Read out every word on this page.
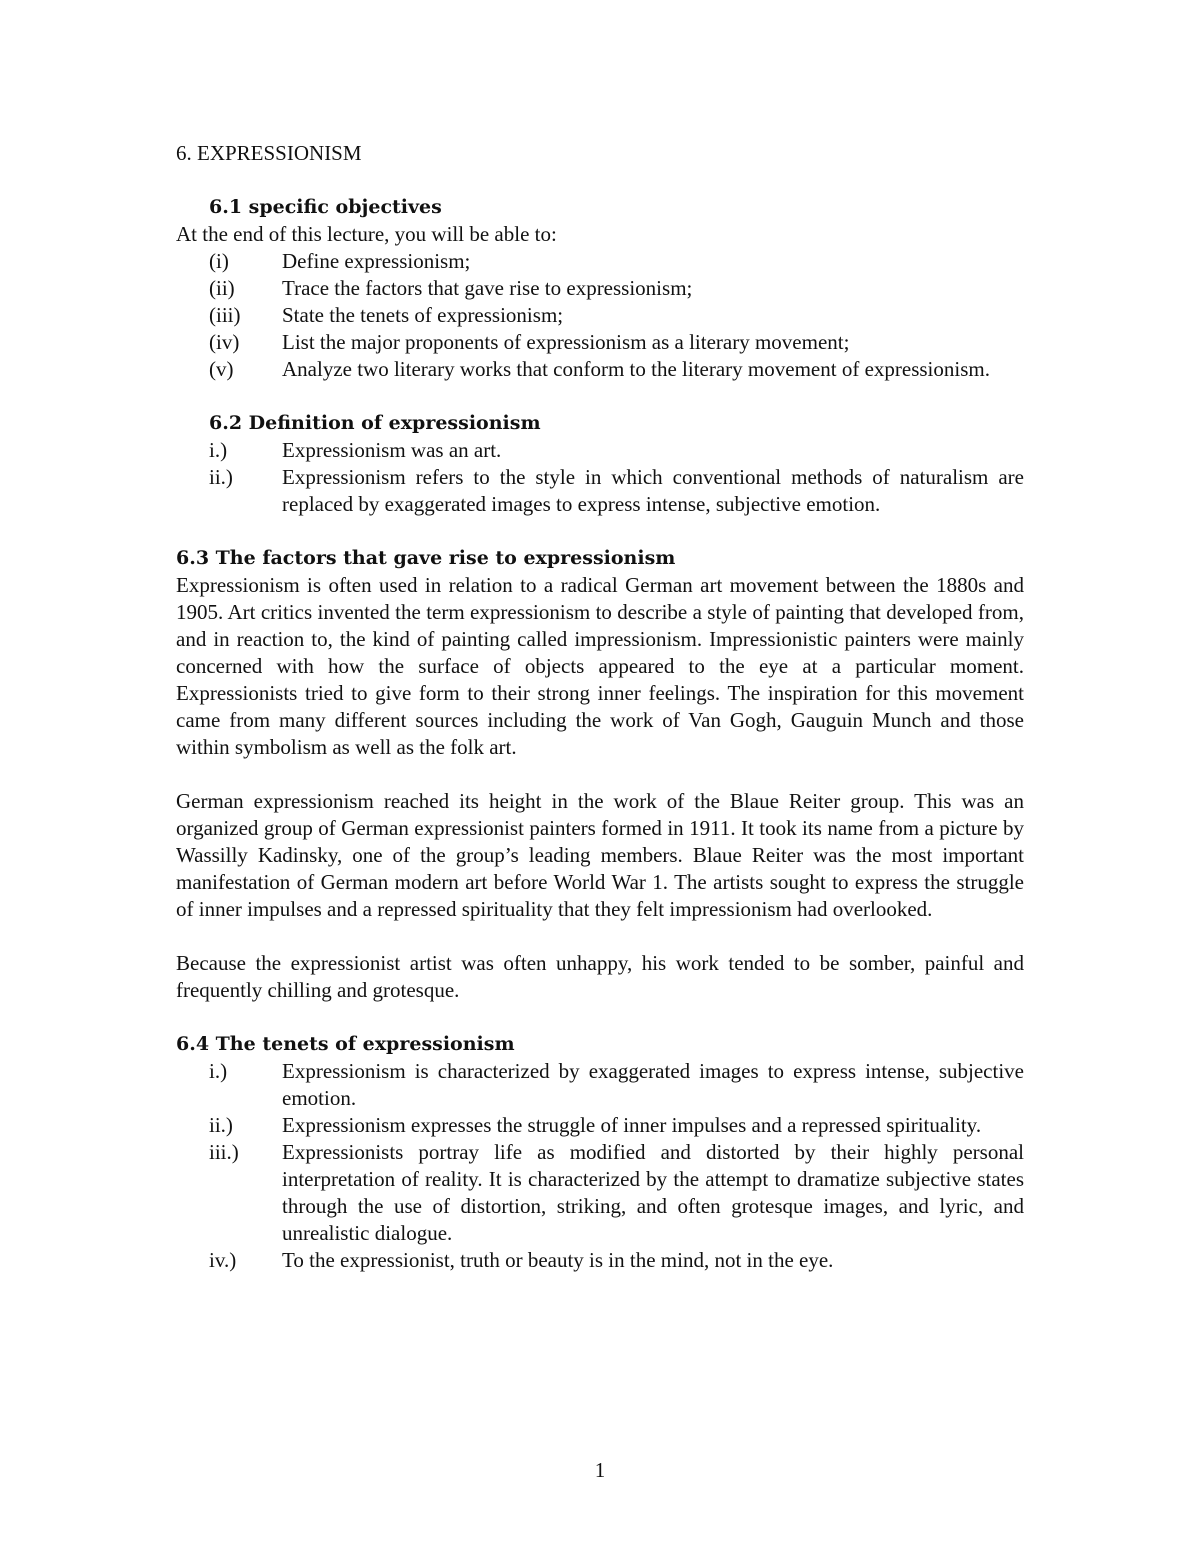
6. EXPRESSIONISM
6.1 specific objectives

At the end of this lecture, you will be able to:

(i)	Define expressionism;
(ii)	Trace the factors that gave rise to expressionism;
(iii)	State the tenets of expressionism;
(iv)	List the major proponents of expressionism as a literary movement;
(v)	Analyze two literary works that conform to the literary movement of expressionism.
6.2 Definition of expressionism
i.)	Expressionism was an art.
ii.)	Expressionism refers to the style in which conventional methods of naturalism are replaced by exaggerated images to express intense, subjective emotion.
6.3 The factors that gave rise to expressionism

Expressionism is often used in relation to a radical German art movement between the 1880s and 1905. Art critics invented the term expressionism to describe a style of painting that developed from, and in reaction to, the kind of painting called impressionism. Impressionistic painters were mainly concerned with how the surface of objects appeared to the eye at a particular moment. Expressionists tried to give form to their strong inner feelings. The inspiration for this movement came from many different sources including the work of Van Gogh, Gauguin Munch and those within symbolism as well as the folk art.

German expressionism reached its height in the work of the Blaue Reiter group. This was an organized group of German expressionist painters formed in 1911. It took its name from a picture by Wassilly Kadinsky, one of the group’s leading members. Blaue Reiter was the most important manifestation of German modern art before World War 1. The artists sought to express the struggle of inner impulses and a repressed spirituality that they felt impressionism had overlooked.

Because the expressionist artist was often unhappy, his work tended to be somber, painful and frequently chilling and grotesque.

6.4 The tenets of expressionism
i.)	Expressionism is characterized by exaggerated images to express intense, subjective emotion.
ii.)	Expressionism expresses the struggle of inner impulses and a repressed spirituality.
iii.)	Expressionists portray life as modified and distorted by their highly personal interpretation of reality. It is characterized by the attempt to dramatize subjective states through the use of distortion, striking, and often grotesque images, and lyric, and unrealistic dialogue.
iv.)	To the expressionist, truth or beauty is in the mind, not in the eye.
1
